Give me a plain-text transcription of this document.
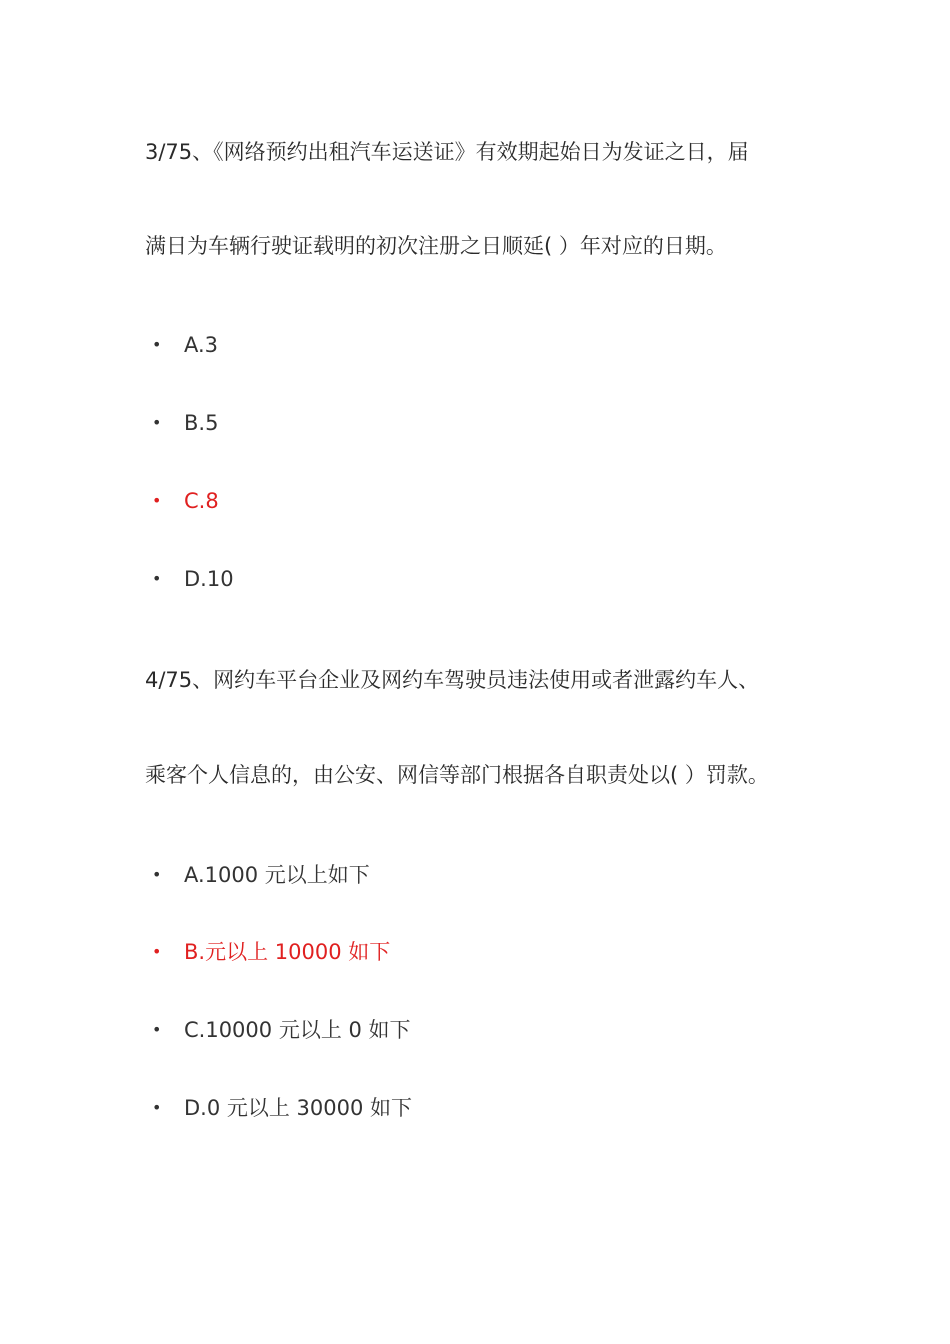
3/75、《网络预约出租汽车运送证》有效期起始日为发证之日，届
满日为车辆行驶证载明的初次注册之日顺延( ）年对应的日期。
• A.3
• B.5
• C.8
• D.10
4/75、网约车平台企业及网约车驾驶员违法使用或者泄露约车人、
乘客个人信息的，由公安、网信等部门根据各自职责处以( ）罚款。
• A.1000 元以上如下
• B.元以上 10000 如下
• C.10000 元以上 0 如下
• D.0 元以上 30000 如下
